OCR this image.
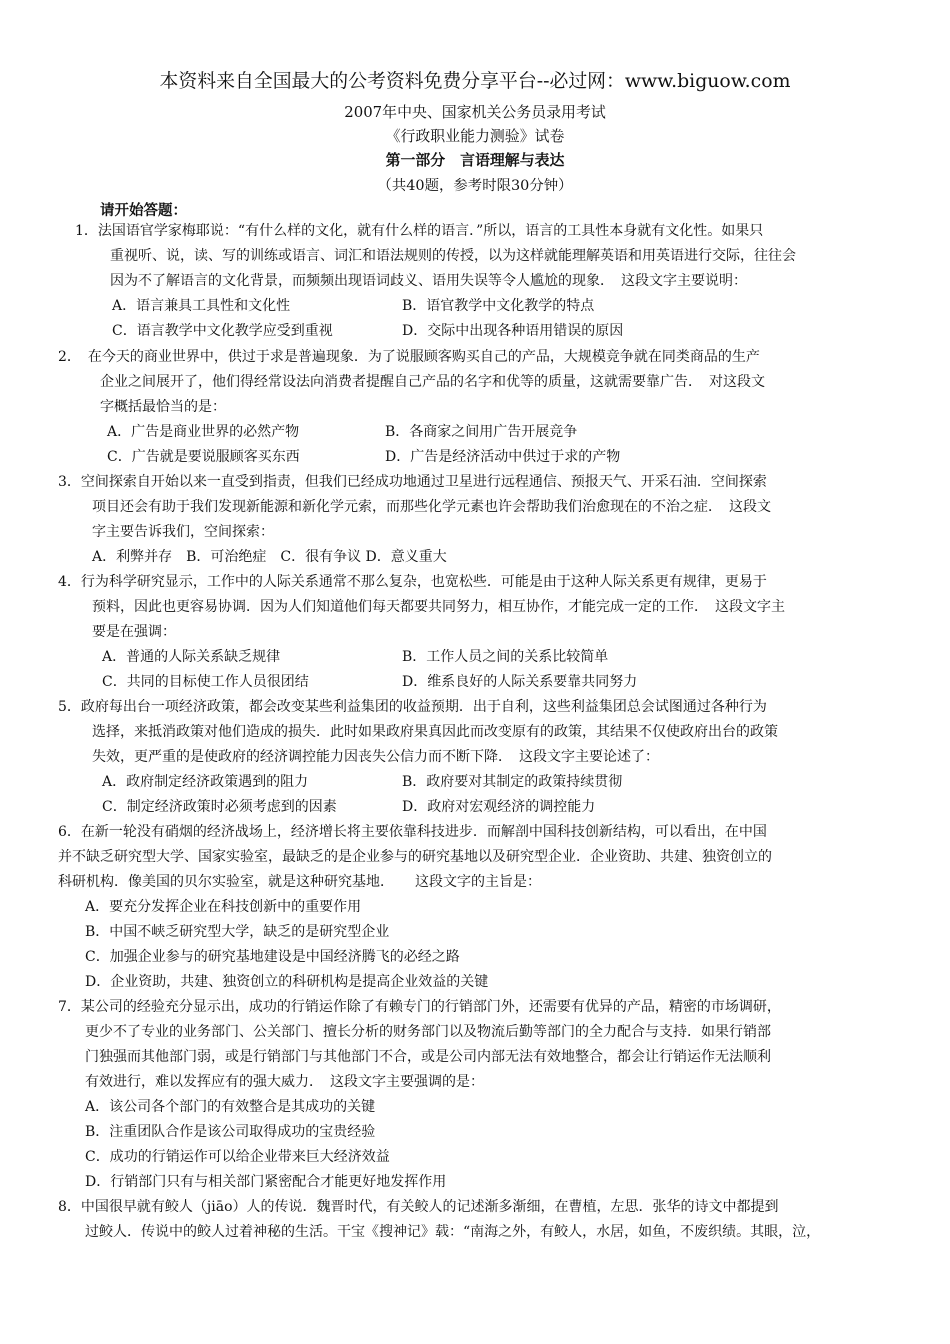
本资料来自全国最大的公考资料免费分享平台--必过网：www.biguow.com
2007年中央、国家机关公务员录用考试
《行政职业能力测验》试卷
第一部分　言语理解与表达
（共40题，参考时限30分钟）
请开始答题：
1．法国语官学家梅耶说：“有什么样的文化，就有什么样的语言．”所以，语言的工具性本身就有文化性。如果只
重视听、说，读、写的训练或语言、词汇和语法规则的传授，以为这样就能理解英语和用英语进行交际，往往会
因为不了解语言的文化背景，而频频出现语词歧义、语用失误等令人尴尬的现象．　这段文字主要说明：
A．语言兼具工具性和文化性	B．语官教学中文化教学的特点
C．语言教学中文化教学应受到重视	D．交际中出现各种语用错误的原因
2．　在今天的商业世界中，供过于求是普遍现象．为了说服顾客购买自己的产品，大规模竞争就在同类商品的生产
企业之间展开了，他们得经常设法向消费者提醒自己产品的名字和优等的质量，这就需要靠广告．　对这段文
字概括最恰当的是：
A．广告是商业世界的必然产物	B．各商家之间用广告开展竞争
C．广告就是要说服顾客买东西	D．广告是经济活动中供过于求的产物
3．空间探索自开始以来一直受到指责，但我们已经成功地通过卫星进行远程通信、预报天气、开采石油．空间探索
项目还会有助于我们发现新能源和新化学元索，而那些化学元素也许会帮助我们治愈现在的不治之症．　这段文
字主要告诉我们，空间探索：
A．利弊并存　B．可治绝症　C．很有争议 D．意义重大
4．行为科学研究显示，工作中的人际关系通常不那么复杂，也宽松些．可能是由于这种人际关系更有规律，更易于
预料，因此也更容易协调．因为人们知道他们每天都要共同努力，相互协作，才能完成一定的工作．　这段文字主
要是在强调：
A．普通的人际关系缺乏规律	B．工作人员之间的关系比较简单
C．共同的目标使工作人员很团结	D．维系良好的人际关系要靠共同努力
5．政府每出台一项经济政策，都会改变某些利益集团的收益预期．出于自利，这些利益集团总会试图通过各种行为
选择，来抵消政策对他们造成的损失．此时如果政府果真因此而改变原有的政策，其结果不仅使政府出台的政策
失效，更严重的是使政府的经济调控能力因丧失公信力而不断下降．　这段文字主要论述了：
A．政府制定经济政策遇到的阻力	B．政府要对其制定的政策持续贯彻
C．制定经济政策时必须考虑到的因素	D．政府对宏观经济的调控能力
6．在新一轮没有硝烟的经济战场上，经济增长将主要依靠科技进步．而解剖中国科技创新结构，可以看出，在中国
并不缺乏研究型大学、国家实验室，最缺乏的是企业参与的研究基地以及研究型企业．企业资助、共建、独资创立的
科研机构．像美国的贝尔实验室，就是这种研究基地．　　这段文字的主旨是：
A．要充分发挥企业在科技创新中的重要作用
B．中国不峡乏研究型大学，缺乏的是研究型企业
C．加强企业参与的研究基地建设是中国经济腾飞的必经之路
D．企业资助，共建、独资创立的科研机构是提高企业效益的关键
7．某公司的经验充分显示出，成功的行销运作除了有赖专门的行销部门外，还需要有优异的产品，精密的市场调研，
更少不了专业的业务部门、公关部门、擅长分析的财务部门以及物流后勤等部门的全力配合与支持．如果行销部
门独强而其他部门弱，或是行销部门与其他部门不合，或是公司内部无法有效地整合，都会让行销运作无法顺利
有效进行，难以发挥应有的强大威力．　这段文字主要强调的是：
A．该公司各个部门的有效整合是其成功的关键
B．注重团队合作是该公司取得成功的宝贵经验
C．成功的行销运作可以给企业带来巨大经济效益
D．行销部门只有与相关部门紧密配合才能更好地发挥作用
8．中国很早就有鲛人（jiāo）人的传说．魏晋时代，有关鲛人的记述渐多渐细，在曹植，左思．张华的诗文中都提到
过鲛人．传说中的鲛人过着神秘的生活。干宝《搜神记》载：“南海之外，有鲛人，水居，如鱼，不废织绩。其眼，泣，
